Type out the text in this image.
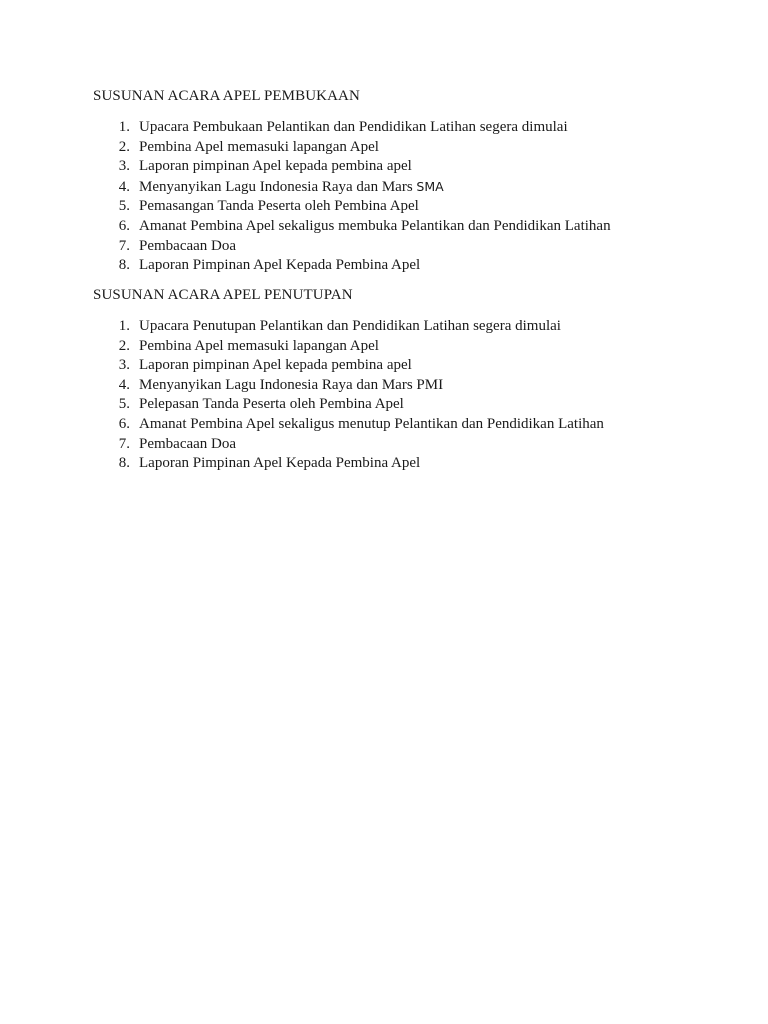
SUSUNAN ACARA APEL PEMBUKAAN

1. Upacara Pembukaan Pelantikan dan Pendidikan Latihan segera dimulai
2. Pembina Apel memasuki lapangan Apel
3. Laporan pimpinan Apel kepada pembina apel
4. Menyanyikan Lagu Indonesia Raya dan Mars SMA
5. Pemasangan Tanda Peserta oleh Pembina Apel
6. Amanat Pembina Apel sekaligus membuka Pelantikan dan Pendidikan Latihan
7. Pembacaan Doa
8. Laporan Pimpinan Apel Kepada Pembina Apel

SUSUNAN ACARA APEL PENUTUPAN

1. Upacara Penutupan Pelantikan dan Pendidikan Latihan segera dimulai
2. Pembina Apel memasuki lapangan Apel
3. Laporan pimpinan Apel kepada pembina apel
4. Menyanyikan Lagu Indonesia Raya dan Mars PMI
5. Pelepasan Tanda Peserta oleh Pembina Apel
6. Amanat Pembina Apel sekaligus menutup Pelantikan dan Pendidikan Latihan
7. Pembacaan Doa
8. Laporan Pimpinan Apel Kepada Pembina Apel
